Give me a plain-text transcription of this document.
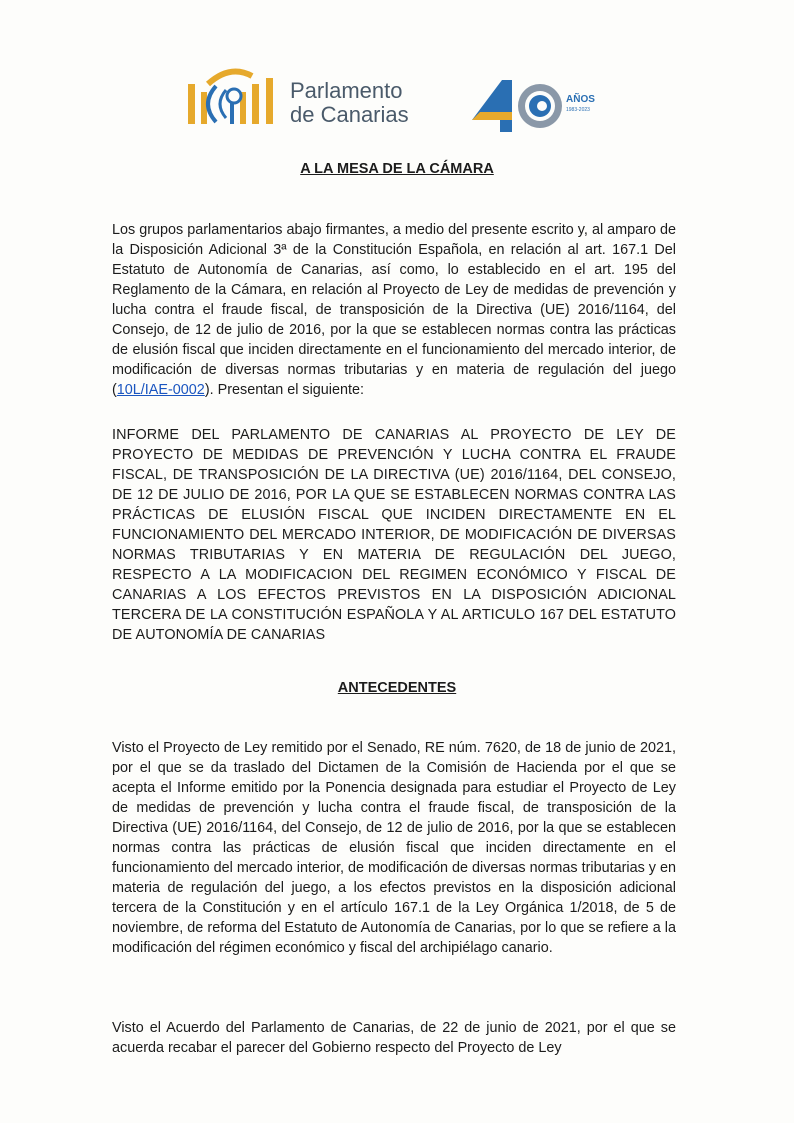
Parlamento
de Canarias
AÑOS
1983-2023
A LA MESA DE LA CÁMARA

Los grupos parlamentarios abajo firmantes, a medio del presente escrito y, al amparo de la Disposición Adicional 3ª de la Constitución Española, en relación al art. 167.1 Del Estatuto de Autonomía de Canarias, así como, lo establecido en el art. 195 del Reglamento de la Cámara, en relación al Proyecto de Ley de medidas de prevención y lucha contra el fraude fiscal, de transposición de la Directiva (UE) 2016/1164, del Consejo, de 12 de julio de 2016, por la que se establecen normas contra las prácticas de elusión fiscal que inciden directamente en el funcionamiento del mercado interior, de modificación de diversas normas tributarias y en materia de regulación del juego (10L/IAE-0002). Presentan el siguiente:

INFORME DEL PARLAMENTO DE CANARIAS AL PROYECTO DE LEY DE PROYECTO DE MEDIDAS DE PREVENCIÓN Y LUCHA CONTRA EL FRAUDE FISCAL, DE TRANSPOSICIÓN DE LA DIRECTIVA (UE) 2016/1164, DEL CONSEJO, DE 12 DE JULIO DE 2016, POR LA QUE SE ESTABLECEN NORMAS CONTRA LAS PRÁCTICAS DE ELUSIÓN FISCAL QUE INCIDEN DIRECTAMENTE EN EL FUNCIONAMIENTO DEL MERCADO INTERIOR, DE MODIFICACIÓN DE DIVERSAS NORMAS TRIBUTARIAS Y EN MATERIA DE REGULACIÓN DEL JUEGO, RESPECTO A LA MODIFICACION DEL REGIMEN ECONÓMICO Y FISCAL DE CANARIAS A LOS EFECTOS PREVISTOS EN LA DISPOSICIÓN ADICIONAL TERCERA DE LA CONSTITUCIÓN ESPAÑOLA Y AL ARTICULO 167 DEL ESTATUTO DE AUTONOMÍA DE CANARIAS

ANTECEDENTES

Visto el Proyecto de Ley remitido por el Senado, RE núm. 7620, de 18 de junio de 2021, por el que se da traslado del Dictamen de la Comisión de Hacienda por el que se acepta el Informe emitido por la Ponencia designada para estudiar el Proyecto de Ley de medidas de prevención y lucha contra el fraude fiscal, de transposición de la Directiva (UE) 2016/1164, del Consejo, de 12 de julio de 2016, por la que se establecen normas contra las prácticas de elusión fiscal que inciden directamente en el funcionamiento del mercado interior, de modificación de diversas normas tributarias y en materia de regulación del juego, a los efectos previstos en la disposición adicional tercera de la Constitución y en el artículo 167.1 de la Ley Orgánica 1/2018, de 5 de noviembre, de reforma del Estatuto de Autonomía de Canarias, por lo que se refiere a la modificación del régimen económico y fiscal del archipiélago canario.

Visto el Acuerdo del Parlamento de Canarias, de 22 de junio de 2021, por el que se acuerda recabar el parecer del Gobierno respecto del Proyecto de Ley
